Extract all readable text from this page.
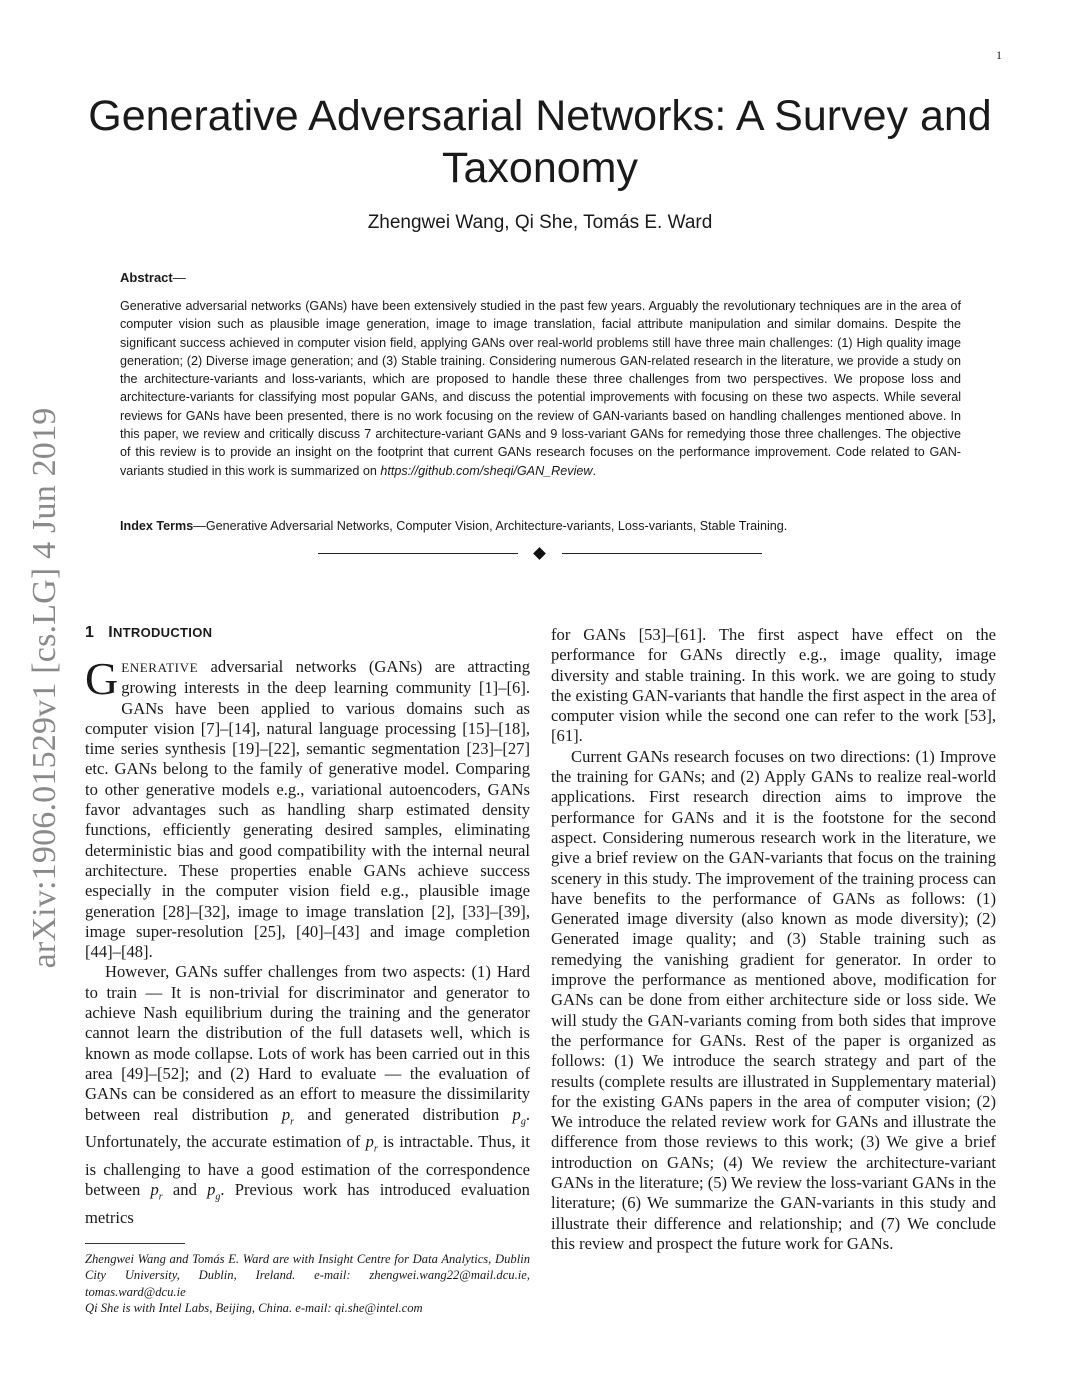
1
arXiv:1906.01529v1 [cs.LG] 4 Jun 2019
Generative Adversarial Networks: A Survey and Taxonomy
Zhengwei Wang, Qi She, Tomás E. Ward
Abstract—

Generative adversarial networks (GANs) have been extensively studied in the past few years. Arguably the revolutionary techniques are in the area of computer vision such as plausible image generation, image to image translation, facial attribute manipulation and similar domains. Despite the significant success achieved in computer vision field, applying GANs over real-world problems still have three main challenges: (1) High quality image generation; (2) Diverse image generation; and (3) Stable training. Considering numerous GAN-related research in the literature, we provide a study on the architecture-variants and loss-variants, which are proposed to handle these three challenges from two perspectives. We propose loss and architecture-variants for classifying most popular GANs, and discuss the potential improvements with focusing on these two aspects. While several reviews for GANs have been presented, there is no work focusing on the review of GAN-variants based on handling challenges mentioned above. In this paper, we review and critically discuss 7 architecture-variant GANs and 9 loss-variant GANs for remedying those three challenges. The objective of this review is to provide an insight on the footprint that current GANs research focuses on the performance improvement. Code related to GAN-variants studied in this work is summarized on https://github.com/sheqi/GAN_Review.

Index Terms—Generative Adversarial Networks, Computer Vision, Architecture-variants, Loss-variants, Stable Training.

1 INTRODUCTION

GENERATIVE adversarial networks (GANs) are attracting growing interests in the deep learning community [1]–[6]. GANs have been applied to various domains such as computer vision [7]–[14], natural language processing [15]–[18], time series synthesis [19]–[22], semantic segmentation [23]–[27] etc. GANs belong to the family of generative model. Comparing to other generative models e.g., variational autoencoders, GANs favor advantages such as handling sharp estimated density functions, efficiently generating desired samples, eliminating deterministic bias and good compatibility with the internal neural architecture. These properties enable GANs achieve success especially in the computer vision field e.g., plausible image generation [28]–[32], image to image translation [2], [33]–[39], image super-resolution [25], [40]–[43] and image completion [44]–[48].

However, GANs suffer challenges from two aspects: (1) Hard to train — It is non-trivial for discriminator and generator to achieve Nash equilibrium during the training and the generator cannot learn the distribution of the full datasets well, which is known as mode collapse. Lots of work has been carried out in this area [49]–[52]; and (2) Hard to evaluate — the evaluation of GANs can be considered as an effort to measure the dissimilarity between real distribution $p_r$ and generated distribution $p_g$. Unfortunately, the accurate estimation of $p_r$ is intractable. Thus, it is challenging to have a good estimation of the correspondence between $p_r$ and $p_g$. Previous work has introduced evaluation metrics

Zhengwei Wang and Tomás E. Ward are with Insight Centre for Data Analytics, Dublin City University, Dublin, Ireland. e-mail: zhengwei.wang22@mail.dcu.ie, tomas.ward@dcu.ie

Qi She is with Intel Labs, Beijing, China. e-mail: qi.she@intel.com

for GANs [53]–[61]. The first aspect have effect on the performance for GANs directly e.g., image quality, image diversity and stable training. In this work. we are going to study the existing GAN-variants that handle the first aspect in the area of computer vision while the second one can refer to the work [53], [61].

Current GANs research focuses on two directions: (1) Improve the training for GANs; and (2) Apply GANs to realize real-world applications. First research direction aims to improve the performance for GANs and it is the footstone for the second aspect. Considering numerous research work in the literature, we give a brief review on the GAN-variants that focus on the training scenery in this study. The improvement of the training process can have benefits to the performance of GANs as follows: (1) Generated image diversity (also known as mode diversity); (2) Generated image quality; and (3) Stable training such as remedying the vanishing gradient for generator. In order to improve the performance as mentioned above, modification for GANs can be done from either architecture side or loss side. We will study the GAN-variants coming from both sides that improve the performance for GANs. Rest of the paper is organized as follows: (1) We introduce the search strategy and part of the results (complete results are illustrated in Supplementary material) for the existing GANs papers in the area of computer vision; (2) We introduce the related review work for GANs and illustrate the difference from those reviews to this work; (3) We give a brief introduction on GANs; (4) We review the architecture-variant GANs in the literature; (5) We review the loss-variant GANs in the literature; (6) We summarize the GAN-variants in this study and illustrate their difference and relationship; and (7) We conclude this review and prospect the future work for GANs.
